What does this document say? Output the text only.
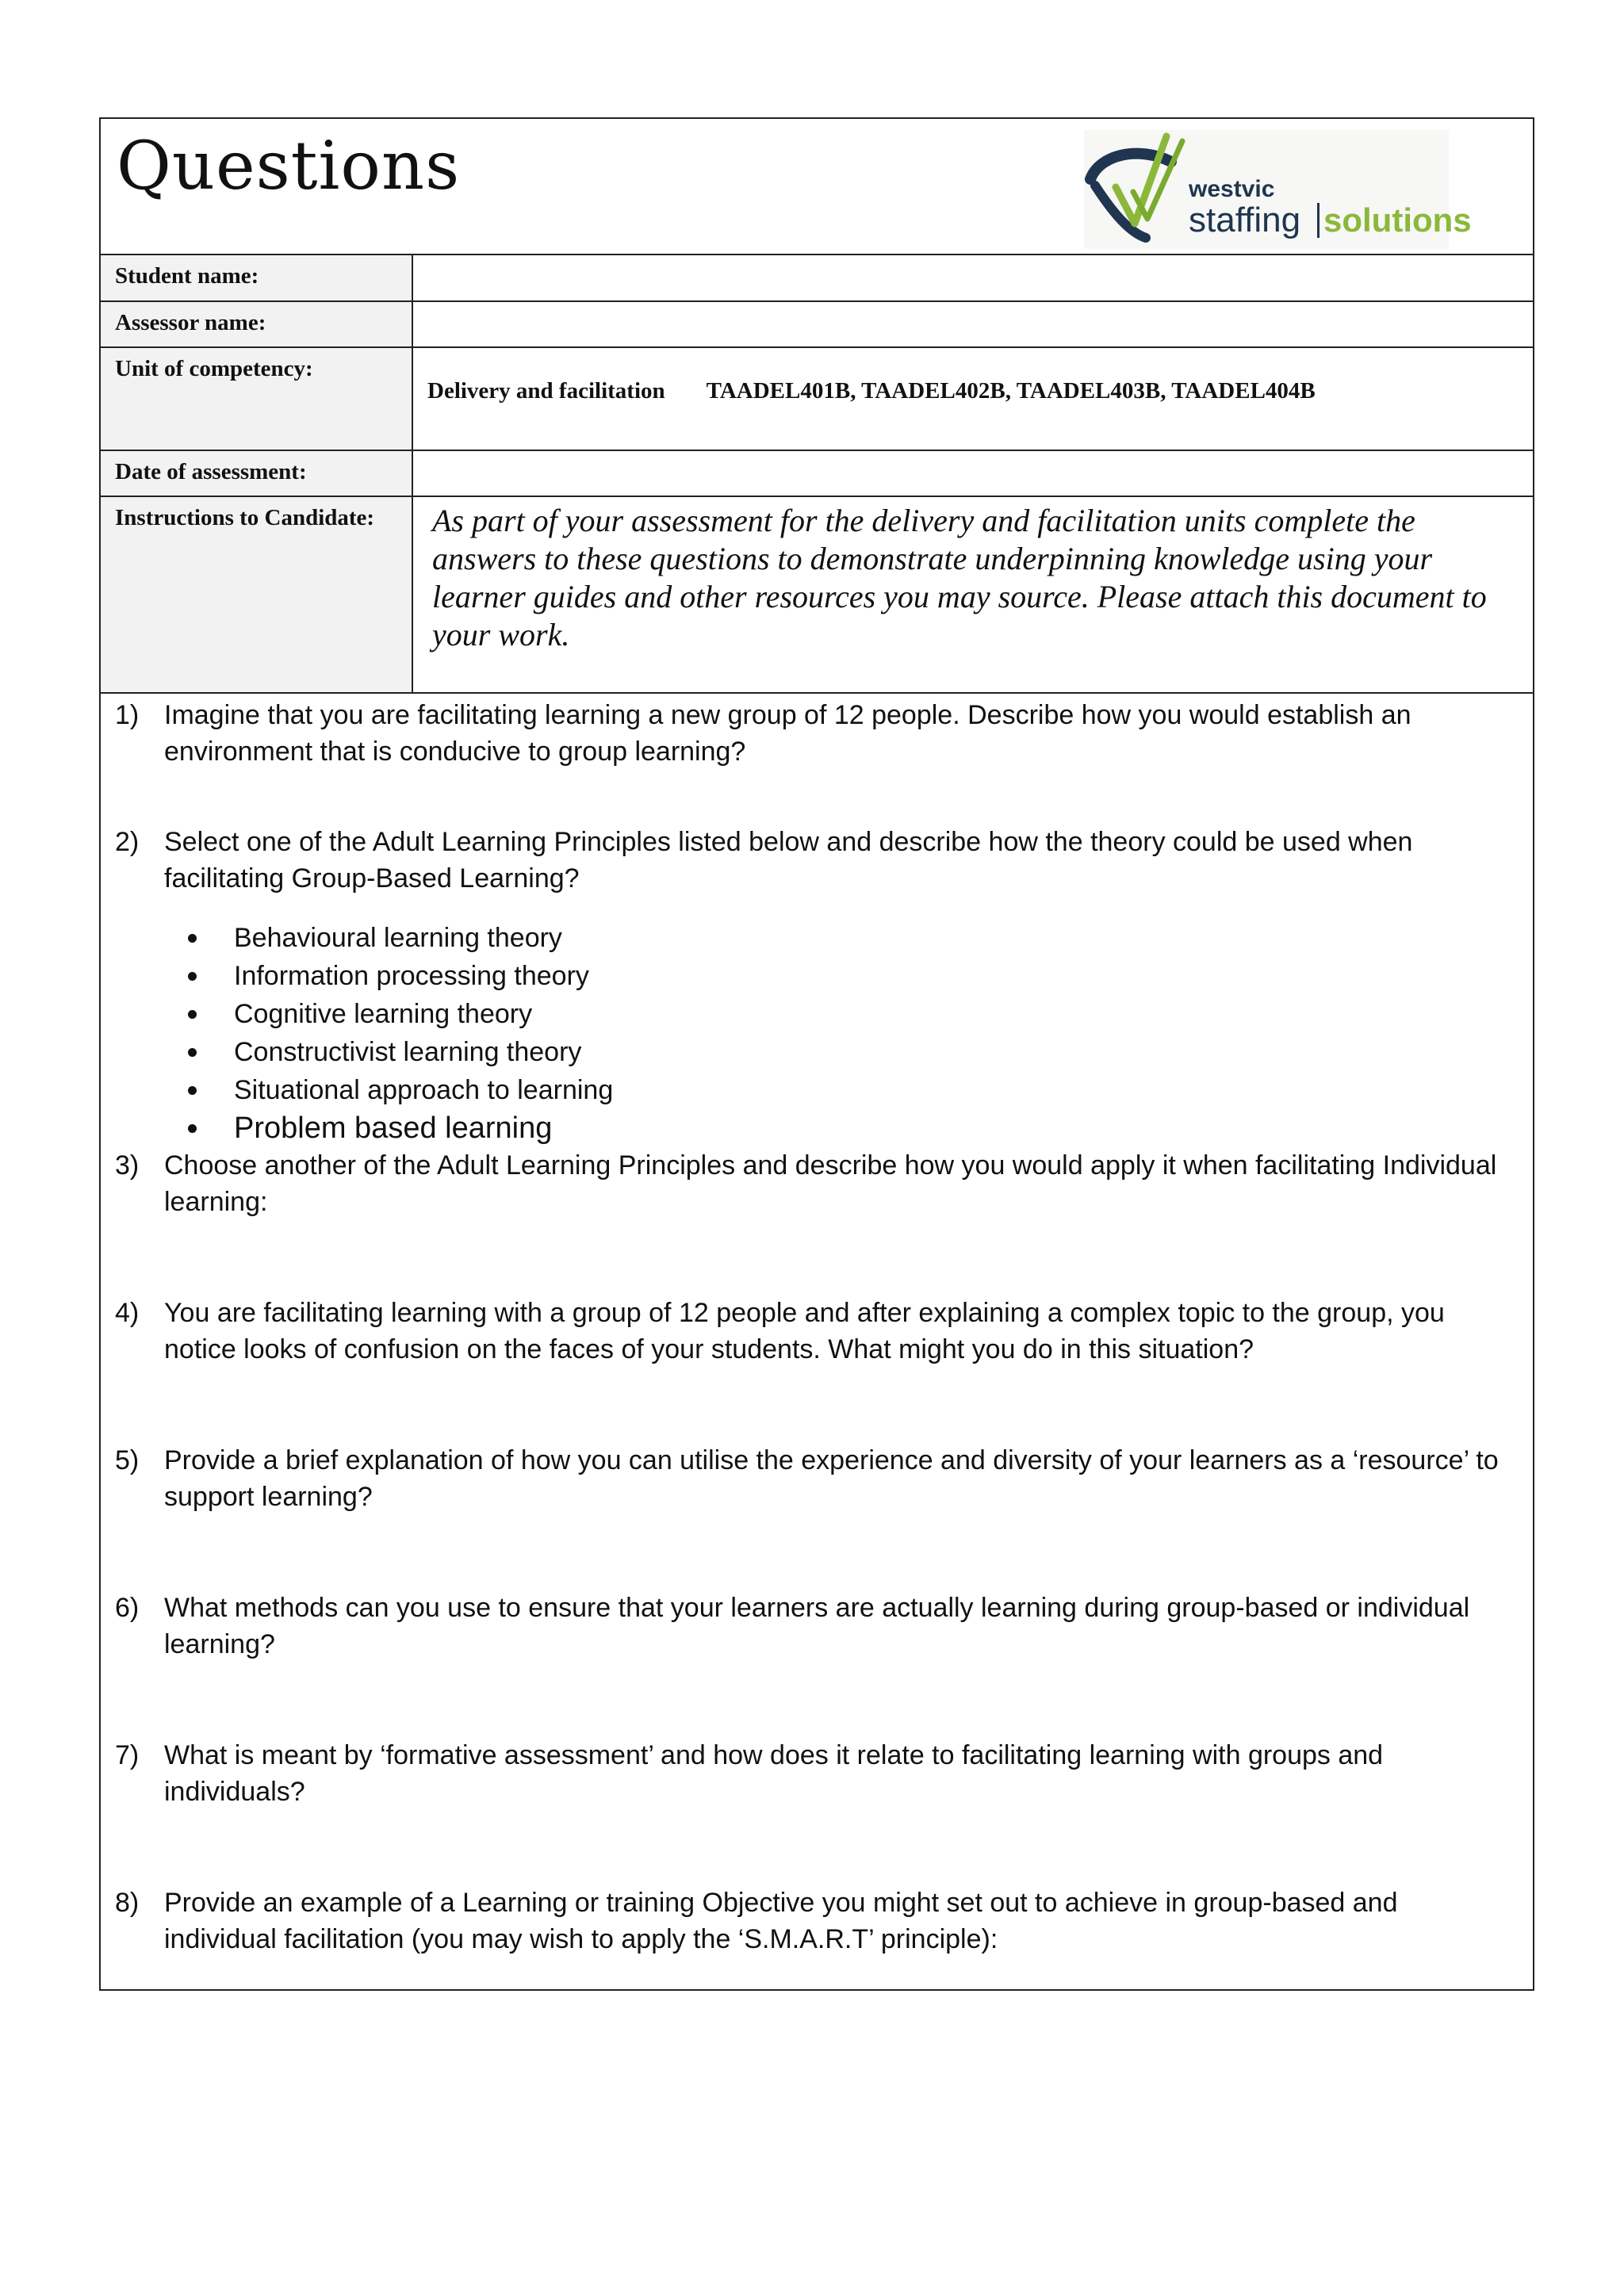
Questions	westvic
staffing solutions
Student name:	
Assessor name:	
Unit of competency:	Delivery and facilitation TAADEL401B, TAADEL402B, TAADEL403B, TAADEL404B

Date of assessment:	
Instructions to Candidate:	As part of your assessment for the delivery and facilitation units complete the answers to these questions to demonstrate underpinning knowledge using your learner guides and other resources you may source. Please attach this document to your work.
1) Imagine that you are facilitating learning a new group of 12 people. Describe how you would establish an environment that is conducive to group learning?
2) Select one of the Adult Learning Principles listed below and describe how the theory could be used when facilitating Group-Based Learning?
Behavioural learning theory
Information processing theory
Cognitive learning theory
Constructivist learning theory
Situational approach to learning
Problem based learning
3) Choose another of the Adult Learning Principles and describe how you would apply it when facilitating Individual learning:
4) You are facilitating learning with a group of 12 people and after explaining a complex topic to the group, you notice looks of confusion on the faces of your students. What might you do in this situation?
5) Provide a brief explanation of how you can utilise the experience and diversity of your learners as a ‘resource’ to support learning?
6) What methods can you use to ensure that your learners are actually learning during group-based or individual learning?
7) What is meant by ‘formative assessment’ and how does it relate to facilitating learning with groups and individuals?
8) Provide an example of a Learning or training Objective you might set out to achieve in group-based and individual facilitation (you may wish to apply the ‘S.M.A.R.T’ principle):
